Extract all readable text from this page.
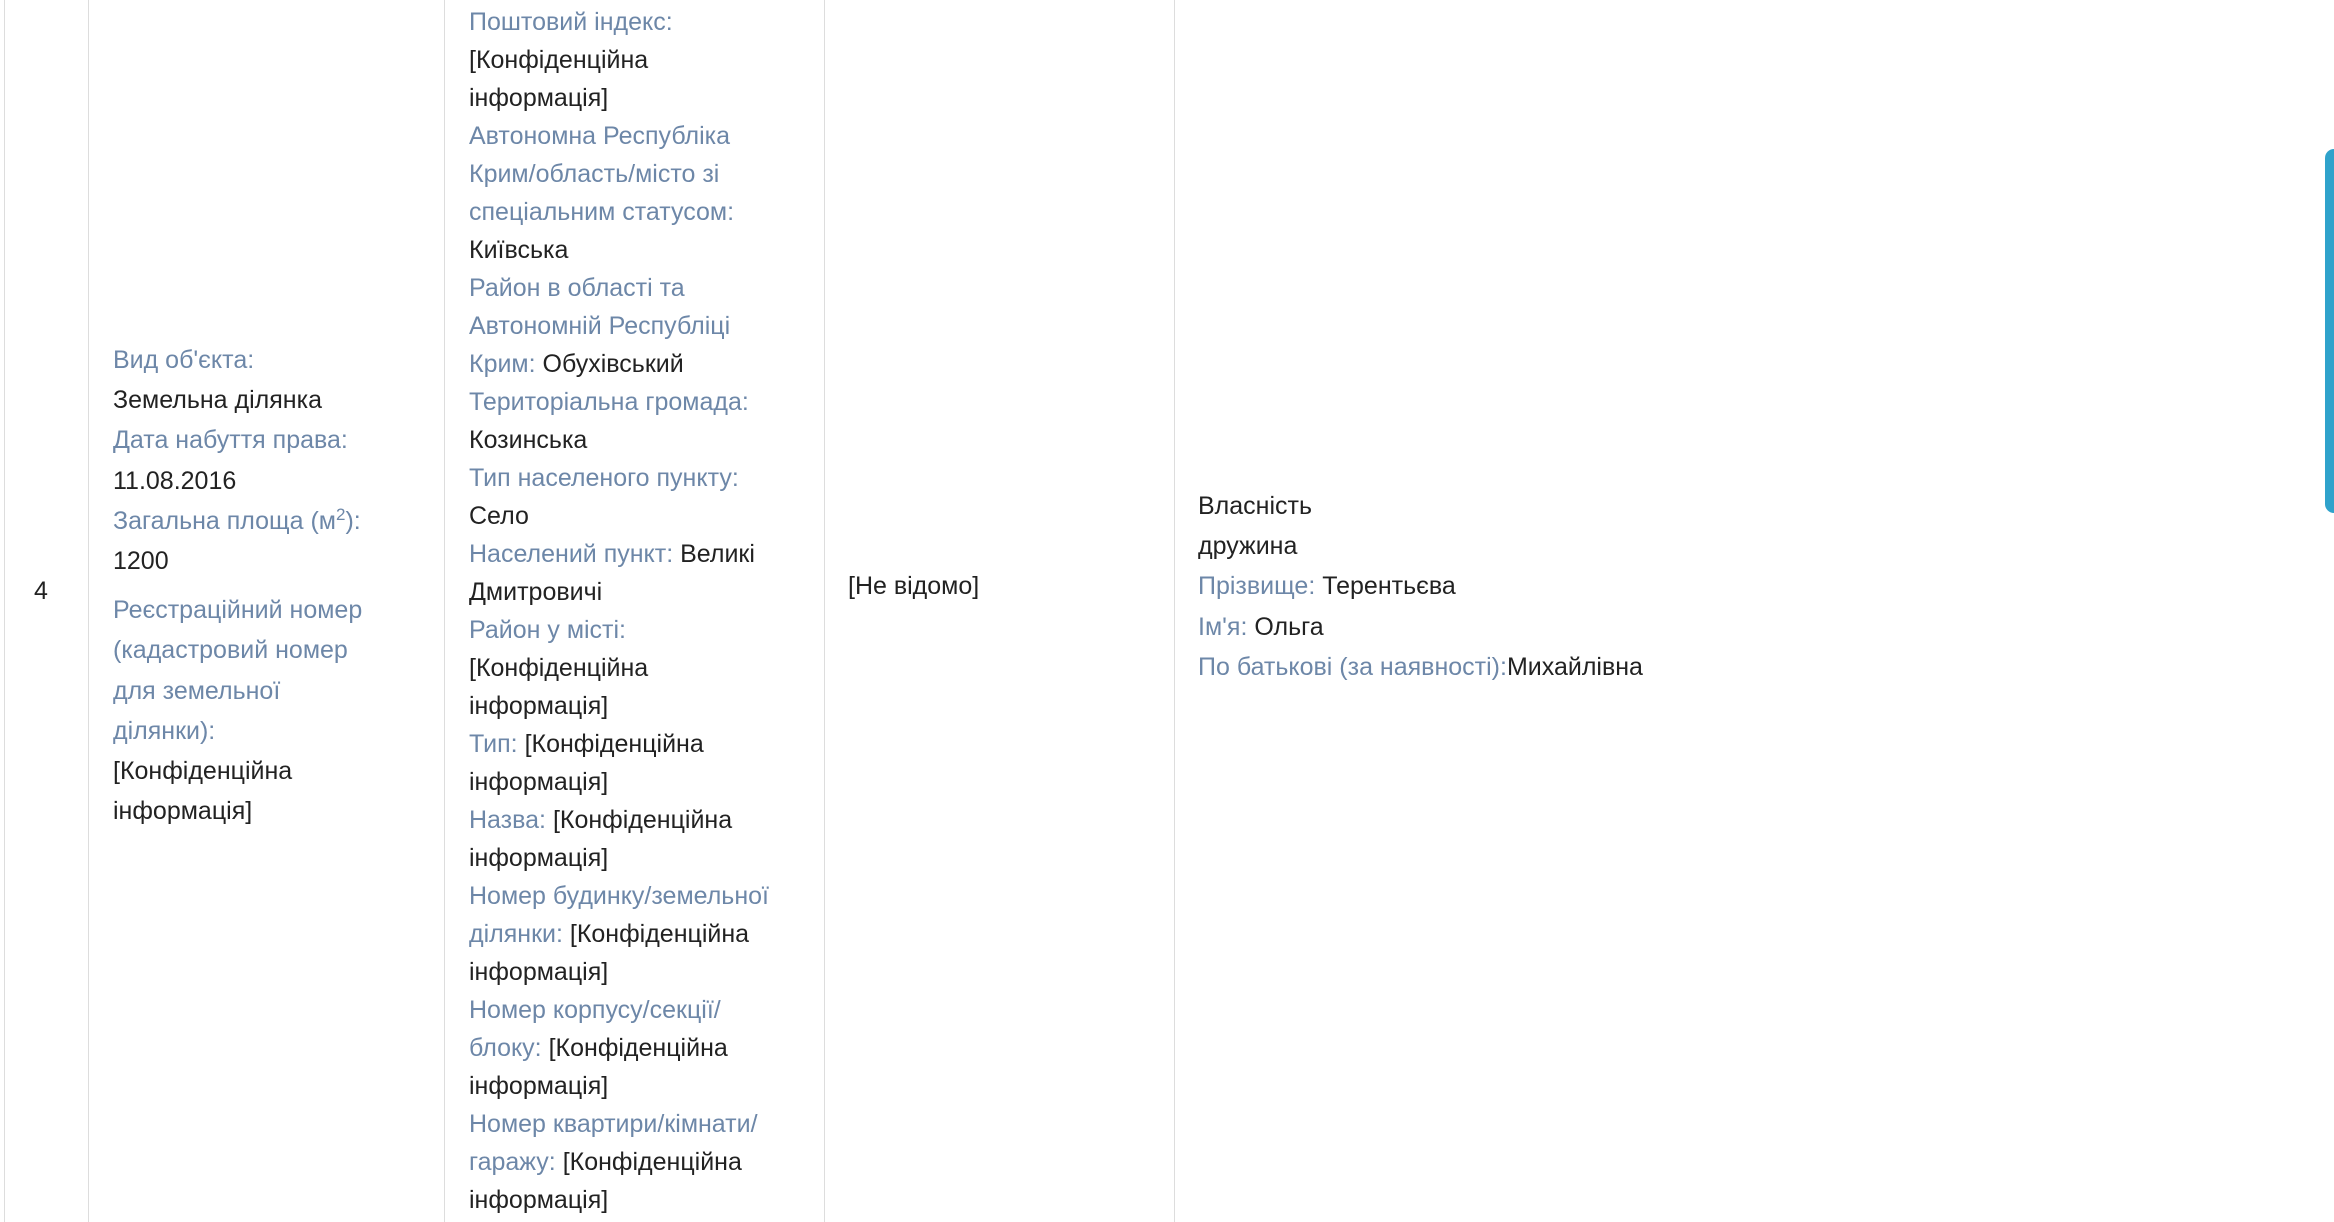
4
Вид об'єкта:
Земельна ділянка
Дата набуття права:
11.08.2016
Загальна площа $(м^2)$:
1200
Реєстраційний номер
(кадастровий номер
для земельної
ділянки):
[Конфіденційна
інформація]
Поштовий індекс:
[Конфіденційна
інформація]
Автономна Республіка
Крим/область/місто зі
спеціальним статусом:
Київська
Район в області та
Автономній Республіці
Крим: Обухівський
Територіальна громада:
Козинська
Тип населеного пункту:
Село
Населений пункт: Великі
Дмитровичі
Район у місті:
[Конфіденційна
інформація]
Тип: [Конфіденційна
інформація]
Назва: [Конфіденційна
інформація]
Номер будинку/земельної
ділянки: [Конфіденційна
інформація]
Номер корпусу/секції/
блоку: [Конфіденційна
інформація]
Номер квартири/кімнати/
гаражу: [Конфіденційна
інформація]
[Не відомо]
Власність
дружина
Прізвище: Терентьєва
Ім'я: Ольга
По батькові (за наявності):Михайлівна
